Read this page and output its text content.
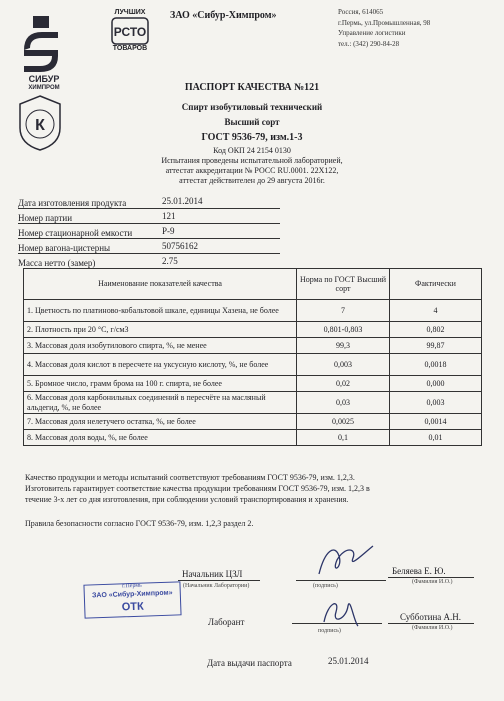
СИБУР
ХИМПРОМ
К
ЛУЧШИХ
РСТО
ТОВАРОВ
ЗАО «Сибур-Химпром»	Россия, 614065
г.Пермь, ул.Промышленная, 98
Управление логистики
тел.: (342) 290-84-28
ПАСПОРТ КАЧЕСТВА №121
Спирт изобутиловый технический
Высший сорт
ГОСТ 9536-79, изм.1-3
Код ОКП 24 2154 0130
Испытания проведены испытательной лабораторией,
аттестат аккредитации № РОСС RU.0001. 22Х122,
аттестат действителен до 29 августа 2016г.
Дата изготовления продукта	25.01.2014
Номер партии	121
Номер стационарной емкости	Р-9
Номер вагона-цистерны	50756162
Масса нетто (замер)	2.75
Наименование показателей качества	Норма по ГОСТ Высший сорт	Фактически
1. Цветность по платиново-кобальтовой шкале, единицы Хазена, не более	7	4
2. Плотность при 20 °С, г/см3	0,801-0,803	0,802
3. Массовая доля изобутилового спирта, %, не менее	99,3	99,87
4. Массовая доля кислот в пересчете на уксусную кислоту, %, не более	0,003	0,0018
5. Бромное число, грамм брома на 100 г. спирта, не более	0,02	0,000
6. Массовая доля карбонильных соединений в пересчёте на масляный альдегид, %, не более	0,03	0,003
7. Массовая доля нелетучего остатка, %, не более	0,0025	0,0014
8. Массовая доля воды, %, не более	0,1	0,01
Качество продукции и методы испытаний соответствуют требованиям ГОСТ 9536-79, изм. 1,2,3.
Изготовитель гарантирует соответствие качества продукции требованиям ГОСТ 9536-79, изм. 1,2,3 в
течение 3-х лет со дня изготовления, при соблюдении условий транспортирования и хранения.
Правила безопасности согласно ГОСТ 9536-79, изм. 1,2,3 раздел 2.
Начальник ЦЗЛ
(Начальник Лаборатории)	(подпись)
Беляева Е. Ю.
(Фамилия И.О.)
Лаборант
подпись)
Субботина А.Н.
(Фамилия И.О.)
г.Пермь
ЗАО «Сибур-Химпром»
ОТК
Дата выдачи паспорта	25.01.2014
